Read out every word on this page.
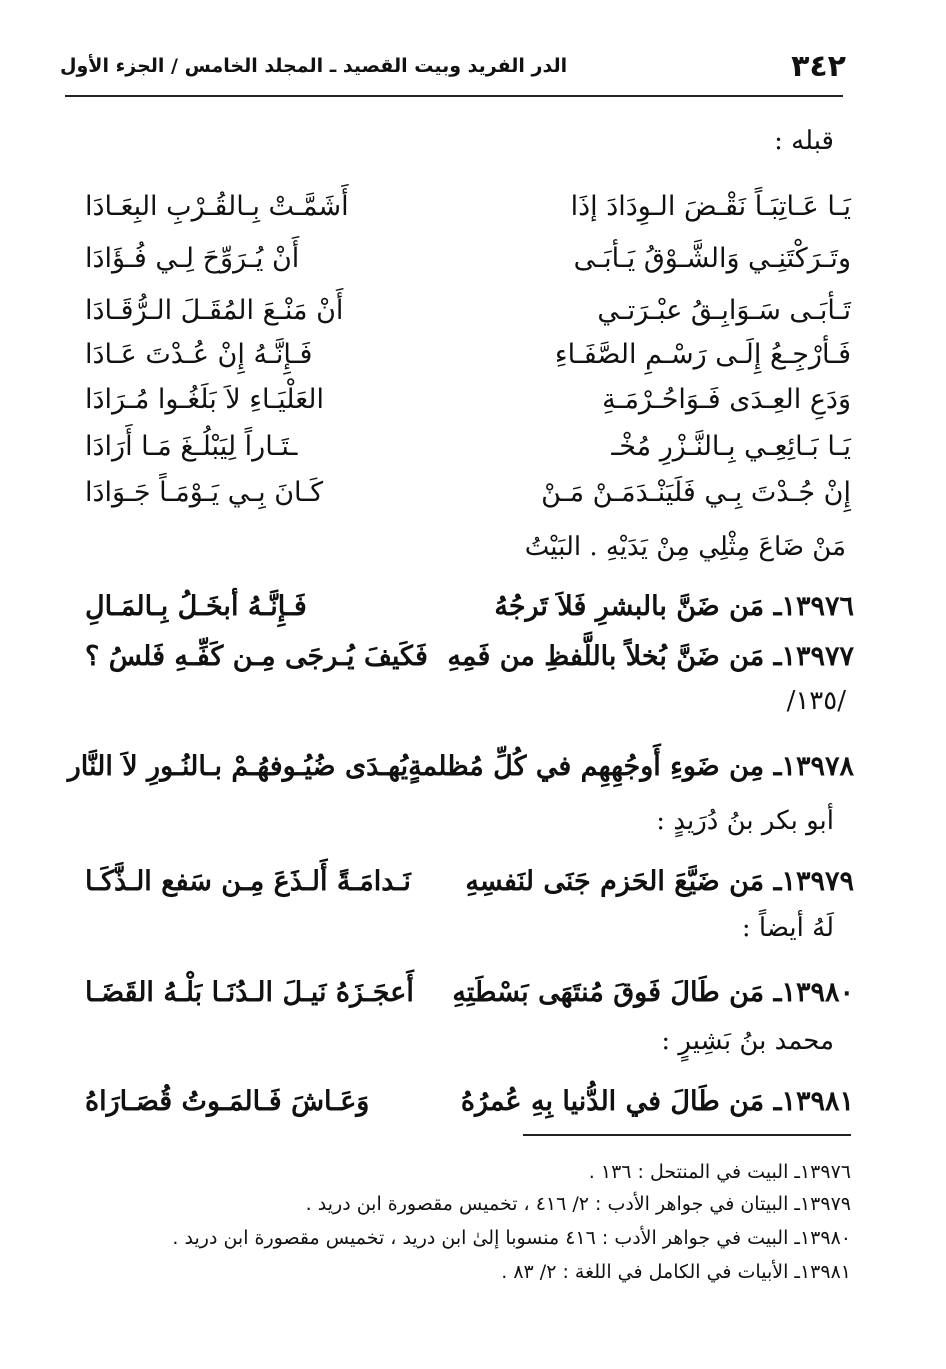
٣٤٢
الدر الفريد وبيت القصيد ـ المجلد الخامس / الجزء الأول
قبله :
يَـا عَـاتِبَـاً نَقْـضَ الـوِدَادَ إذَا
أَشَمَّـتْ بِـالقُـرْبِ البِعَـادَا
وتَـرَكْتَنِـي وَالشَّـوْقُ يَـأبَـى
أَنْ يُـرَوِّحَ لِـي فُـؤَادَا
تَـأبَـى سَـوَابِـقُ عبْـرَتـي
أَنْ مَنْـعَ المُقَـلَ الـرُّقَـادَا
فَـأرْجِـعُ إِلَـى رَسْـمِ الصَّفَـاءِ
فَـإِنَّـهُ إِنْ عُـدْتَ عَـادَا
وَدَعِ العِـدَى فَـوَاحُـرْمَـةِ
العَلْيَـاءِ لاَ بَلَغُـوا مُـرَادَا
يَـا بَـائِعِـي بِـالنَّـزْرِ مُخْـ
ـتَـاراً لِيَبْلُـغَ مَـا أَرَادَا
إِنْ جُـدْتَ بِـي فَلَيَنْـدَمَـنْ مَـنْ
كَـانَ بِـي يَـوْمَـاً جَـوَادَا
مَنْ ضَاعَ مِثْلِي مِنْ يَدَيْهِ . البَيْتُ
١٣٩٧٦ـ مَن ضَنَّ بالبشرِ فَلاَ تَرجُهُ
فَـإِنَّـهُ أبخَـلُ بِـالمَـالِ
١٣٩٧٧ـ مَن ضَنَّ بُخلاً باللَّفظِ من فَمِهِ
فَكَيفَ يُـرجَى مِـن كَفِّـهِ فَلسُ ؟
/١٣٥/
١٣٩٧٨ـ مِن ضَوءِ أَوجُهِهِم في كُلِّ مُظلمةٍ
يُهـدَى ضُيُـوفهُـمْ بـالنُـورِ لاَ النَّار
أبو بكر بنُ دُرَيدٍ :
١٣٩٧٩ـ مَن ضَيَّعَ الحَزم جَنَى لنَفسِهِ
نَـدامَـةً أَلـذَعَ مِـن سَفع الـذَّكَـا
لَهُ أيضاً :
١٣٩٨٠ـ مَن طَالَ فَوقَ مُنتَهَى بَسْطَتِهِ
أَعجَـزَهُ نَيـلَ الـدُنَـا بَلْـهُ القَضَـا
محمد بنُ بَشِيرٍ :
١٣٩٨١ـ مَن طَالَ في الدُّنيا بِهِ عُمرُهُ
وَعَـاشَ فَـالمَـوتُ قُصَـارَاهُ
١٣٩٧٦ـ البيت في المنتحل : ١٣٦ .
١٣٩٧٩ـ البيتان في جواهر الأدب : ٢/ ٤١٦ ، تخميس مقصورة ابن دريد .
١٣٩٨٠ـ البيت في جواهر الأدب : ٤١٦ منسوبا إلىٰ ابن دريد ، تخميس مقصورة ابن دريد .
١٣٩٨١ـ الأبيات في الكامل في اللغة : ٢/ ٨٣ .
